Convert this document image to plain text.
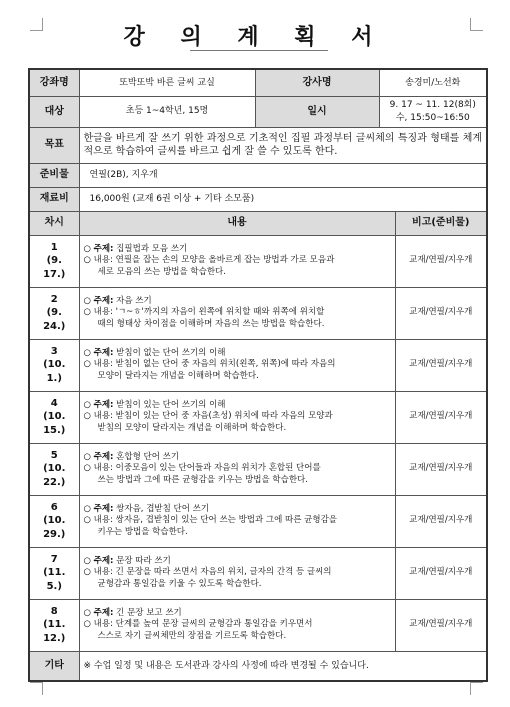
강 의 계 획 서
강좌명	또박또박 바른 글씨 교실	강사명	송경미/노선화	
대상	초등 1~4학년, 15명	일시	9. 17 ~ 11. 12(8회)
수, 15:50~16:50	

목표	한글을 바르게 잘 쓰기 위한 과정으로 기초적인 집필 과정부터 글씨체의 특징과 형태를 체계적으로 학습하여 글씨를 바르고 쉽게 잘 쓸 수 있도록 한다.			
준비물	연필(2B), 지우개			
재료비	16,000원 (교재 6권 이상 + 기타 소모품)			
차시	내용			비고(준비물)

1
(9. 17.)	○ 주제: 집필법과 모음 쓰기
○ 내용: 연필을 잡는 손의 모양을 올바르게 잡는 방법과 가로 모음과
세로 모음의 쓰는 방법을 학습한다.			교재/연필/지우개

2
(9. 24.)	○ 주제: 자음 쓰기
○ 내용: 'ㄱ~ㅎ'까지의 자음이 왼쪽에 위치할 때와 위쪽에 위치할
때의 형태상 차이점을 이해하며 자음의 쓰는 방법을 학습한다.			교재/연필/지우개

3
(10. 1.)	○ 주제: 받침이 없는 단어 쓰기의 이해
○ 내용: 받침이 없는 단어 중 자음의 위치(왼쪽, 위쪽)에 따라 자음의
모양이 달라지는 개념을 이해하며 학습한다.			교재/연필/지우개

4
(10. 15.)	○ 주제: 받침이 있는 단어 쓰기의 이해
○ 내용: 받침이 있는 단어 중 자음(초성) 위치에 따라 자음의 모양과
받침의 모양이 달라지는 개념을 이해하며 학습한다.			교재/연필/지우개

5
(10. 22.)	○ 주제: 혼합형 단어 쓰기
○ 내용: 이중모음이 있는 단어들과 자음의 위치가 혼합된 단어를
쓰는 방법과 그에 따른 균형감을 키우는 방법을 학습한다.			교재/연필/지우개

6
(10. 29.)	○ 주제: 쌍자음, 겹받침 단어 쓰기
○ 내용: 쌍자음, 겹받침이 있는 단어 쓰는 방법과 그에 따른 균형감을
키우는 방법을 학습한다.			교재/연필/지우개

7
(11. 5.)	○ 주제: 문장 따라 쓰기
○ 내용: 긴 문장을 따라 쓰면서 자음의 위치, 글자의 간격 등 글씨의
균형감과 통일감을 키울 수 있도록 학습한다.			교재/연필/지우개

8
(11. 12.)	○ 주제: 긴 문장 보고 쓰기
○ 내용: 단계를 높여 문장 글씨의 균형감과 통일감을 키우면서
스스로 자기 글씨체만의 장점을 기르도록 학습한다.			교재/연필/지우개
기타	※ 수업 일정 및 내용은 도서관과 강사의 사정에 따라 변경될 수 있습니다.			
